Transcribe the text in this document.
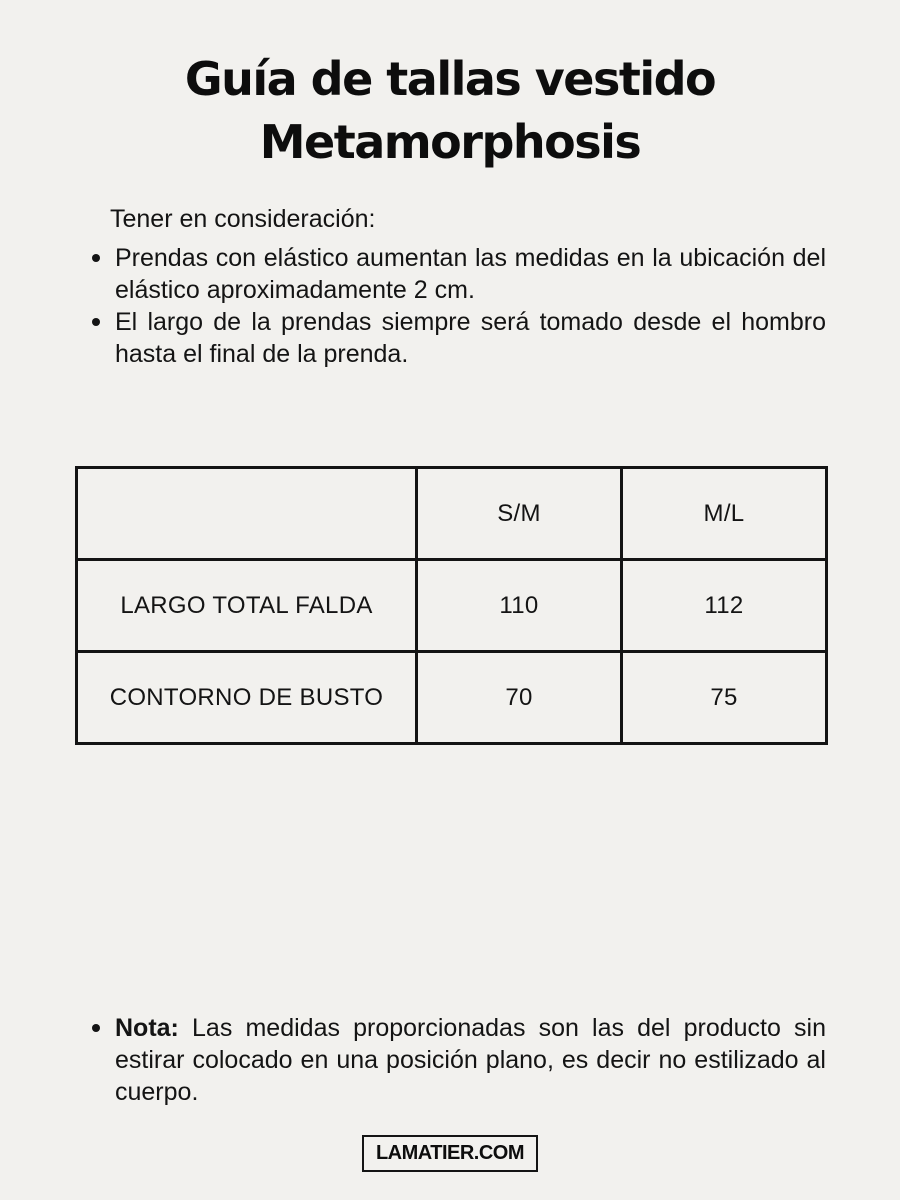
Guía de tallas vestido
Metamorphosis

Tener en consideración:

Prendas con elástico aumentan las medidas en la ubicación del elástico aproximadamente 2 cm.
El largo de la prendas siempre será tomado desde el hombro hasta el final de la prenda.
	S/M	M/L
LARGO TOTAL FALDA	110	112
CONTORNO DE BUSTO	70	75

Nota: Las medidas proporcionadas son las del producto sin estirar colocado en una posición plano, es decir no estilizado al cuerpo.

LAMATIER.COM
